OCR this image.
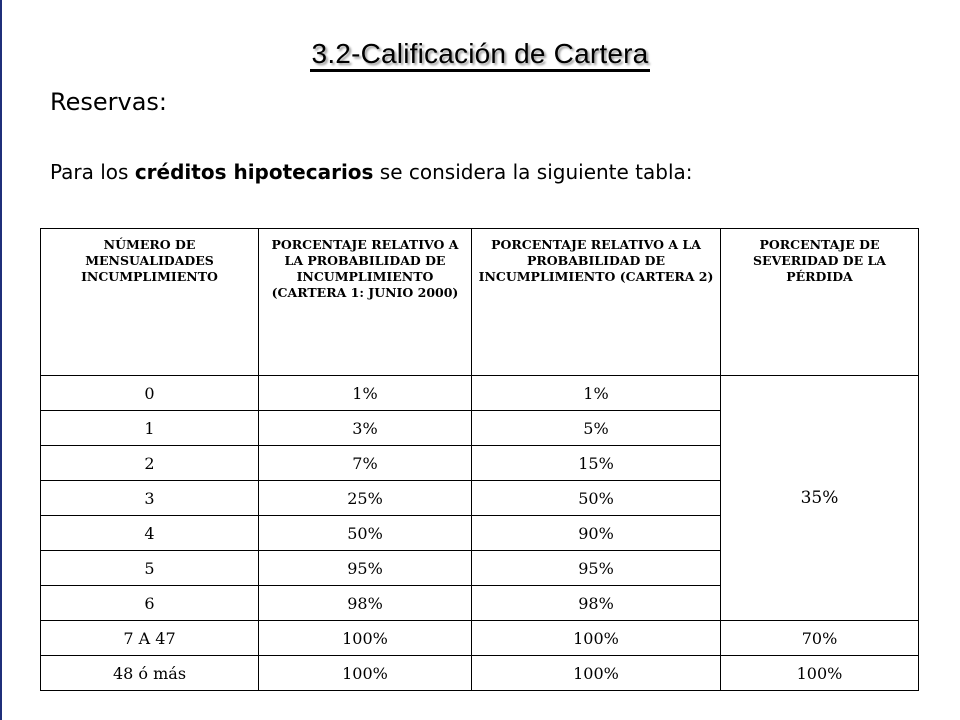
3.2-Calificación de Cartera
Reservas:
Para los créditos hipotecarios se considera la siguiente tabla:
NÚMERO DE MENSUALIDADES INCUMPLIMIENTO	PORCENTAJE RELATIVO A LA PROBABILIDAD DE INCUMPLIMIENTO (CARTERA 1: JUNIO 2000)	PORCENTAJE RELATIVO A LA PROBABILIDAD DE INCUMPLIMIENTO (CARTERA 2)	PORCENTAJE DE SEVERIDAD DE LA PÉRDIDA
0	1%	1%	35%
1	3%	5%	
2	7%	15%	
3	25%	50%	
4	50%	90%	
5	95%	95%	
6	98%	98%	
7 A 47	100%	100%	70%
48 ó más	100%	100%	100%
